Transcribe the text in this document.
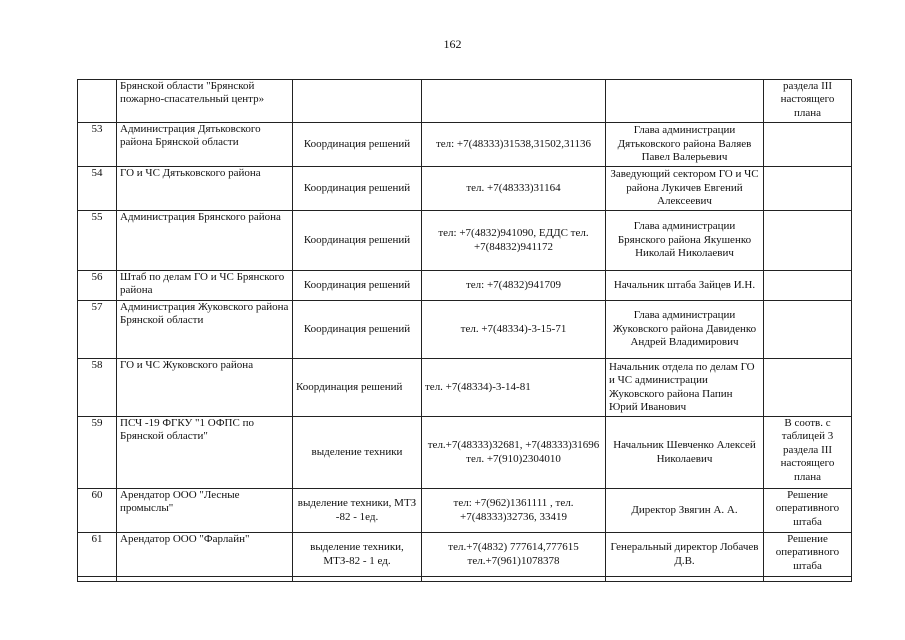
162
	Брянской области "Брянской пожарно-спасательный центр»				раздела III настоящего плана
53	Администрация Дятьковского района Брянской области	Координация решений	тел: +7(48333)31538,31502,31136	Глава администрации Дятьковского района Валяев Павел Валерьевич	
54	ГО и ЧС Дятьковского района	Координация решений	тел. +7(48333)31164	Заведующий сектором ГО и ЧС района Лукичев Евгений Алексеевич	
55	Администрация Брянского района	Координация решений	тел: +7(4832)941090, ЕДДС тел. +7(84832)941172	Глава администрации Брянского района Якушенко Николай Николаевич	
56	Штаб по делам ГО и ЧС Брянского района	Координация решений	тел: +7(4832)941709	Начальник штаба Зайцев И.Н.	
57	Администрация Жуковского района Брянской области	Координация решений	тел. +7(48334)-3-15-71	Глава администрации Жуковского района Давиденко Андрей Владимирович	
58	ГО и ЧС Жуковского района	Координация решений	тел. +7(48334)-3-14-81	Начальник отдела по делам ГО и ЧС администрации Жуковского района Папин Юрий Иванович	
59	ПСЧ -19 ФГКУ "1 ОФПС по Брянской области"	выделение техники	тел.+7(48333)32681, +7(48333)31696 тел. +7(910)2304010	Начальник Шевченко Алексей Николаевич	В соотв. с таблицей 3 раздела III настоящего плана
60	Арендатор ООО "Лесные промыслы"	выделение техники, МТЗ -82 - 1ед.	тел: +7(962)1361111 , тел. +7(48333)32736, 33419	Директор Звягин А. А.	Решение оперативного штаба
61	Арендатор ООО "Фарлайн"	выделение техники, МТЗ-82 - 1 ед.	тел.+7(4832) 777614,777615 тел.+7(961)1078378	Генеральный директор Лобачев Д.В.	Решение оперативного штаба
